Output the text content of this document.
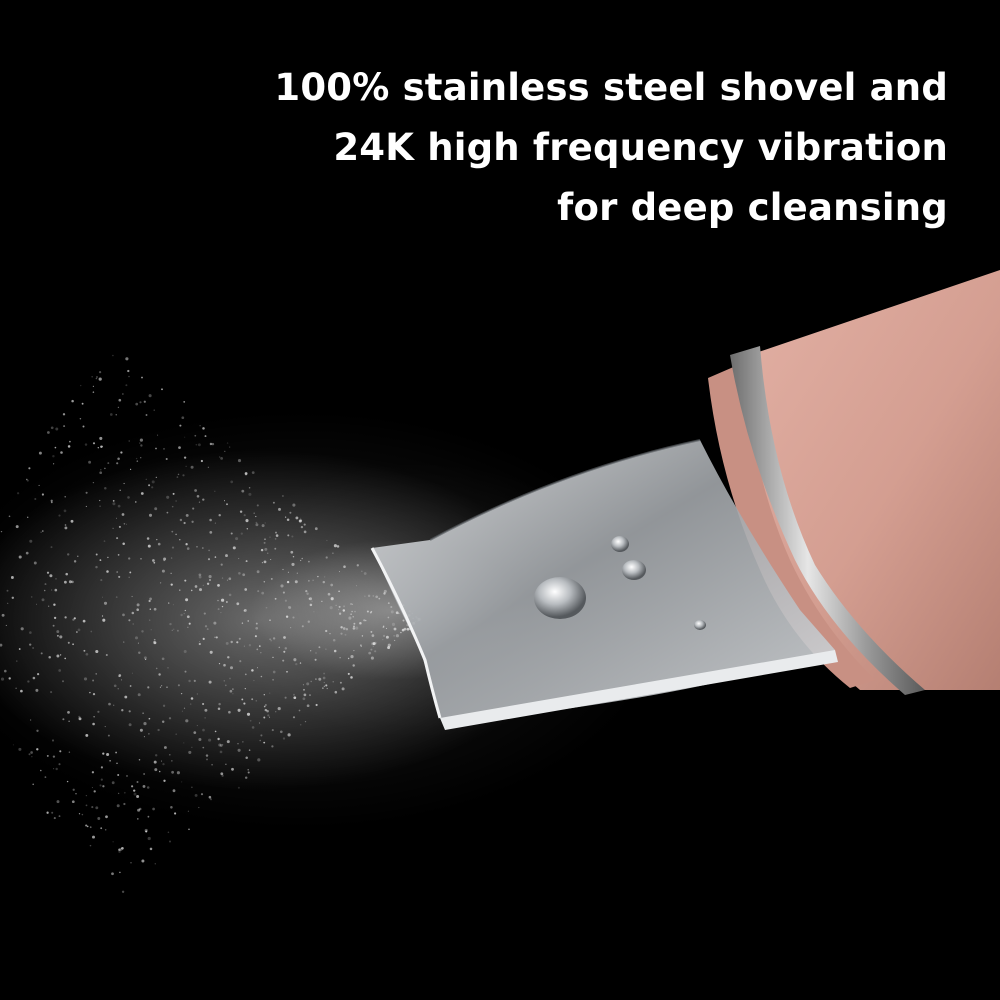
100% stainless steel shovel and
24K high frequency vibration
for deep cleansing
